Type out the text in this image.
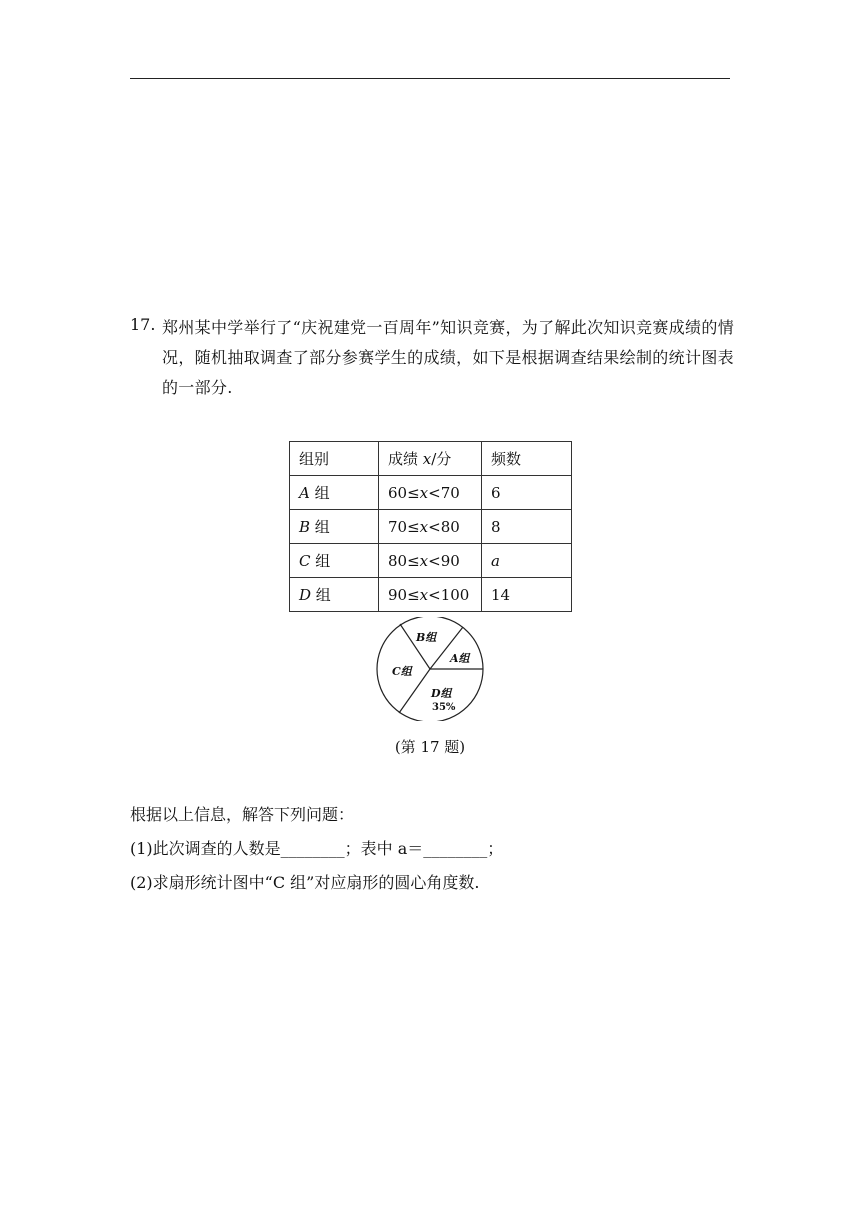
17. 郑州某中学举行了“庆祝建党一百周年”知识竞赛，为了解此次知识竞赛成绩的情况，随机抽取调查了部分参赛学生的成绩，如下是根据调查结果绘制的统计图表的一部分.
组别	成绩 x/分	频数
A 组	60≤x<70	6
B 组	70≤x<80	8
C 组	80≤x<90	a
D 组	90≤x<100	14
B组
A组
C组
D组
35%
(第 17 题)
根据以上信息，解答下列问题：
(1)此次调查的人数是________；表中 a＝________；
(2)求扇形统计图中“C 组”对应扇形的圆心角度数.
